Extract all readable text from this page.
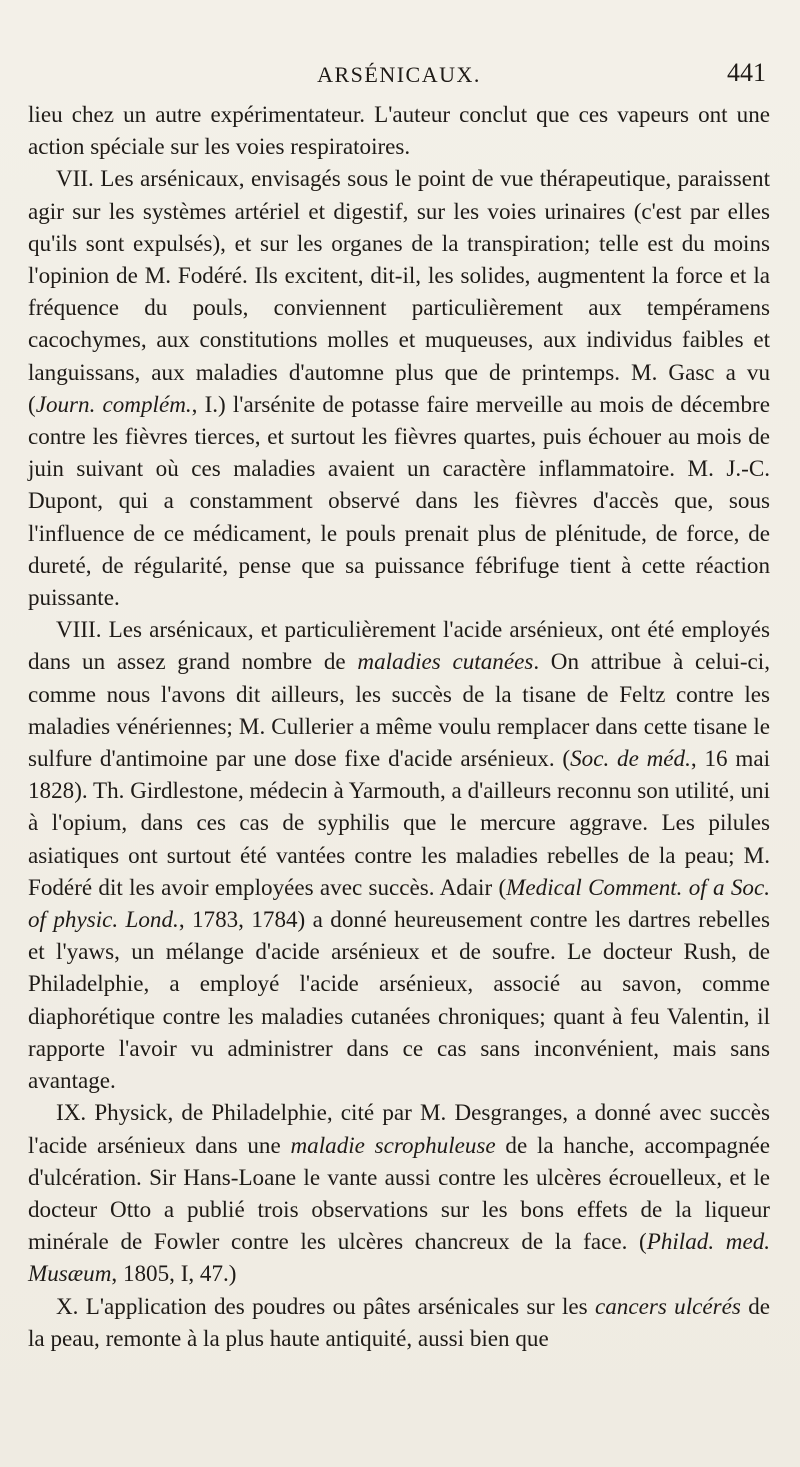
ARSÉNICAUX.	441

lieu chez un autre expérimentateur. L'auteur conclut que ces vapeurs ont une action spéciale sur les voies respiratoires.

VII. Les arsénicaux, envisagés sous le point de vue thérapeutique, paraissent agir sur les systèmes artériel et digestif, sur les voies urinaires (c'est par elles qu'ils sont expulsés), et sur les organes de la transpiration; telle est du moins l'opinion de M. Fodéré. Ils excitent, dit-il, les solides, augmentent la force et la fréquence du pouls, conviennent particulièrement aux tempéramens cacochymes, aux constitutions molles et muqueuses, aux individus faibles et languissans, aux maladies d'automne plus que de printemps. M. Gasc a vu (Journ. complém., I.) l'arsénite de potasse faire merveille au mois de décembre contre les fièvres tierces, et surtout les fièvres quartes, puis échouer au mois de juin suivant où ces maladies avaient un caractère inflammatoire. M. J.-C. Dupont, qui a constamment observé dans les fièvres d'accès que, sous l'influence de ce médicament, le pouls prenait plus de plénitude, de force, de dureté, de régularité, pense que sa puissance fébrifuge tient à cette réaction puissante.

VIII. Les arsénicaux, et particulièrement l'acide arsénieux, ont été employés dans un assez grand nombre de maladies cutanées. On attribue à celui-ci, comme nous l'avons dit ailleurs, les succès de la tisane de Feltz contre les maladies vénériennes; M. Cullerier a même voulu remplacer dans cette tisane le sulfure d'antimoine par une dose fixe d'acide arsénieux. (Soc. de méd., 16 mai 1828). Th. Girdlestone, médecin à Yarmouth, a d'ailleurs reconnu son utilité, uni à l'opium, dans ces cas de syphilis que le mercure aggrave. Les pilules asiatiques ont surtout été vantées contre les maladies rebelles de la peau; M. Fodéré dit les avoir employées avec succès. Adair (Medical Comment. of a Soc. of physic. Lond., 1783, 1784) a donné heureusement contre les dartres rebelles et l'yaws, un mélange d'acide arsénieux et de soufre. Le docteur Rush, de Philadelphie, a employé l'acide arsénieux, associé au savon, comme diaphorétique contre les maladies cutanées chroniques; quant à feu Valentin, il rapporte l'avoir vu administrer dans ce cas sans inconvénient, mais sans avantage.

IX. Physick, de Philadelphie, cité par M. Desgranges, a donné avec succès l'acide arsénieux dans une maladie scrophuleuse de la hanche, accompagnée d'ulcération. Sir Hans-Loane le vante aussi contre les ulcères écrouelleux, et le docteur Otto a publié trois observations sur les bons effets de la liqueur minérale de Fowler contre les ulcères chancreux de la face. (Philad. med. Musæum, 1805, I, 47.)

X. L'application des poudres ou pâtes arsénicales sur les cancers ulcérés de la peau, remonte à la plus haute antiquité, aussi bien que
